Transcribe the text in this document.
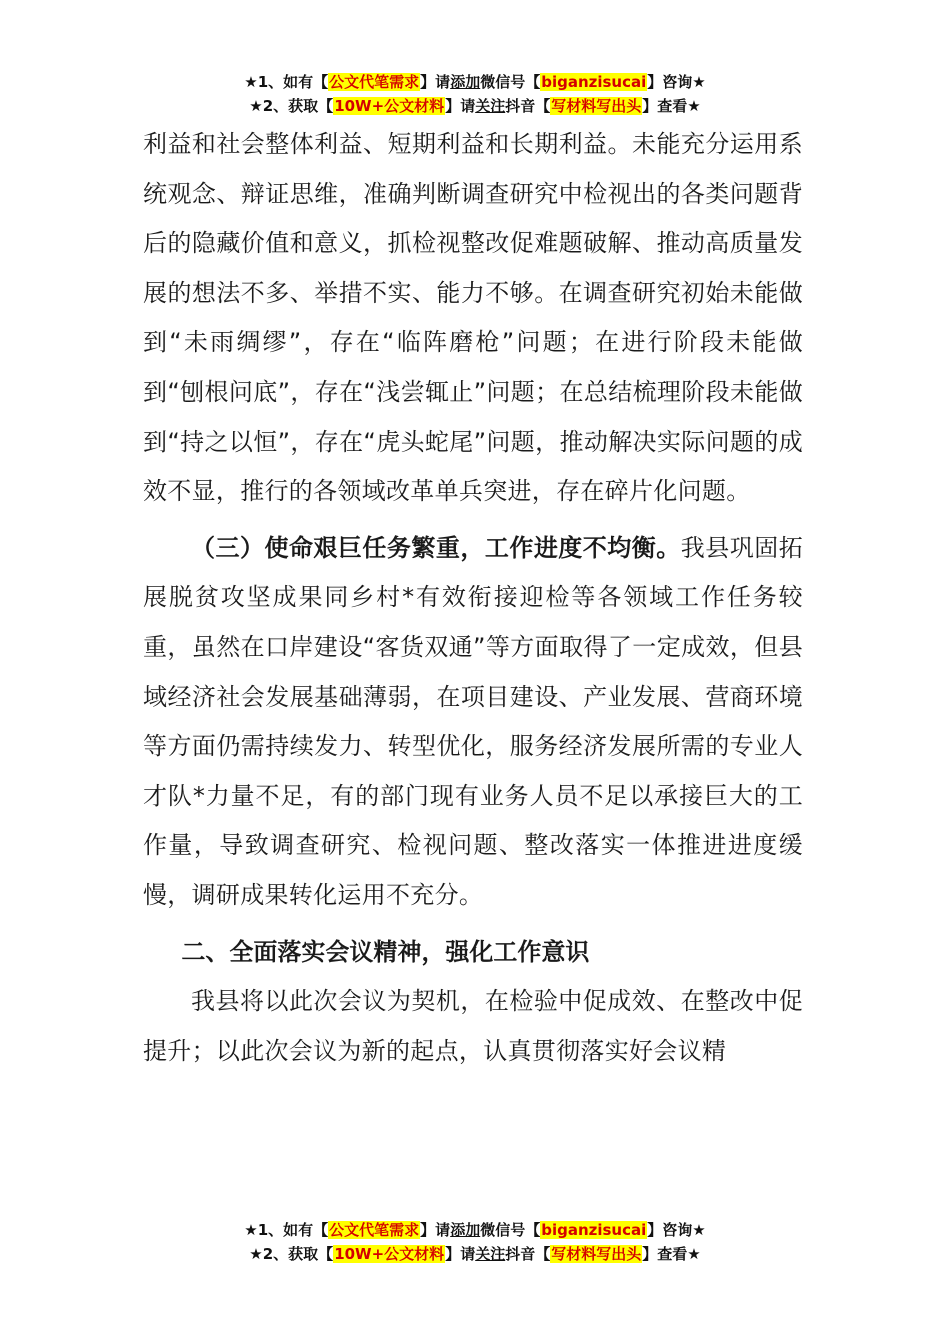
★1、如有【公文代笔需求】请添加微信号【biganzisucai】咨询★
★2、获取【10W+公文材料】请关注抖音【写材料写出头】查看★

利益和社会整体利益、短期利益和长期利益。未能充分运用系统观念、辩证思维，准确判断调查研究中检视出的各类问题背后的隐藏价值和意义，抓检视整改促难题破解、推动高质量发展的想法不多、举措不实、能力不够。在调查研究初始未能做到“未雨绸缪”，存在“临阵磨枪”问题；在进行阶段未能做到“刨根问底”，存在“浅尝辄止”问题；在总结梳理阶段未能做到“持之以恒”，存在“虎头蛇尾”问题，推动解决实际问题的成效不显，推行的各领域改革单兵突进，存在碎片化问题。

（三）使命艰巨任务繁重，工作进度不均衡。我县巩固拓展脱贫攻坚成果同乡村*有效衔接迎检等各领域工作任务较重，虽然在口岸建设“客货双通”等方面取得了一定成效，但县域经济社会发展基础薄弱，在项目建设、产业发展、营商环境等方面仍需持续发力、转型优化，服务经济发展所需的专业人才队*力量不足，有的部门现有业务人员不足以承接巨大的工作量，导致调查研究、检视问题、整改落实一体推进进度缓慢，调研成果转化运用不充分。

二、全面落实会议精神，强化工作意识

我县将以此次会议为契机，在检验中促成效、在整改中促提升；以此次会议为新的起点，认真贯彻落实好会议精

★1、如有【公文代笔需求】请添加微信号【biganzisucai】咨询★
★2、获取【10W+公文材料】请关注抖音【写材料写出头】查看★
